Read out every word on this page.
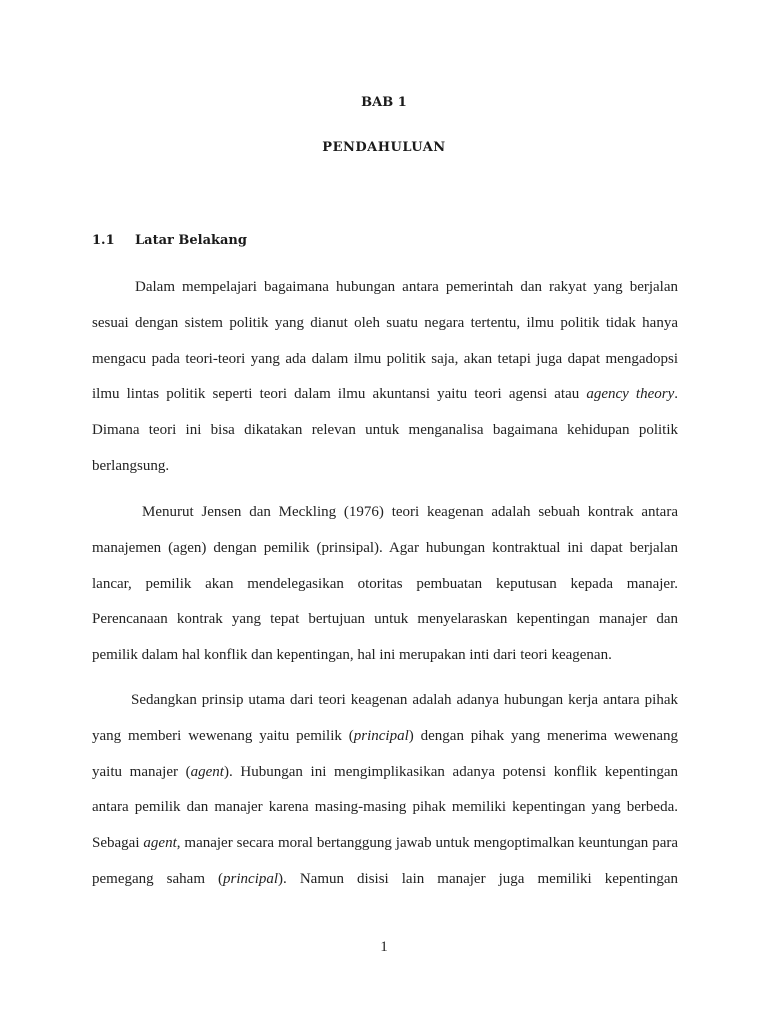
BAB 1
PENDAHULUAN
1.1 Latar Belakang
Dalam mempelajari bagaimana hubungan antara pemerintah dan rakyat yang berjalan
sesuai dengan sistem politik yang dianut oleh suatu negara tertentu, ilmu politik tidak hanya
mengacu pada teori-teori yang ada dalam ilmu politik saja, akan tetapi juga dapat mengadopsi
ilmu lintas politik seperti teori dalam ilmu akuntansi yaitu teori agensi atau agency theory.
Dimana teori ini bisa dikatakan relevan untuk menganalisa bagaimana kehidupan politik
berlangsung.
Menurut Jensen dan Meckling (1976) teori keagenan adalah sebuah kontrak antara
manajemen (agen) dengan pemilik (prinsipal). Agar hubungan kontraktual ini dapat berjalan
lancar, pemilik akan mendelegasikan otoritas pembuatan keputusan kepada manajer.
Perencanaan kontrak yang tepat bertujuan untuk menyelaraskan kepentingan manajer dan
pemilik dalam hal konflik dan kepentingan, hal ini merupakan inti dari teori keagenan.
Sedangkan prinsip utama dari teori keagenan adalah adanya hubungan kerja antara pihak
yang memberi wewenang yaitu pemilik (principal) dengan pihak yang menerima wewenang
yaitu manajer (agent). Hubungan ini mengimplikasikan adanya potensi konflik kepentingan
antara pemilik dan manajer karena masing-masing pihak memiliki kepentingan yang berbeda.
Sebagai agent, manajer secara moral bertanggung jawab untuk mengoptimalkan keuntungan para
pemegang saham (principal). Namun disisi lain manajer juga memiliki kepentingan
1
